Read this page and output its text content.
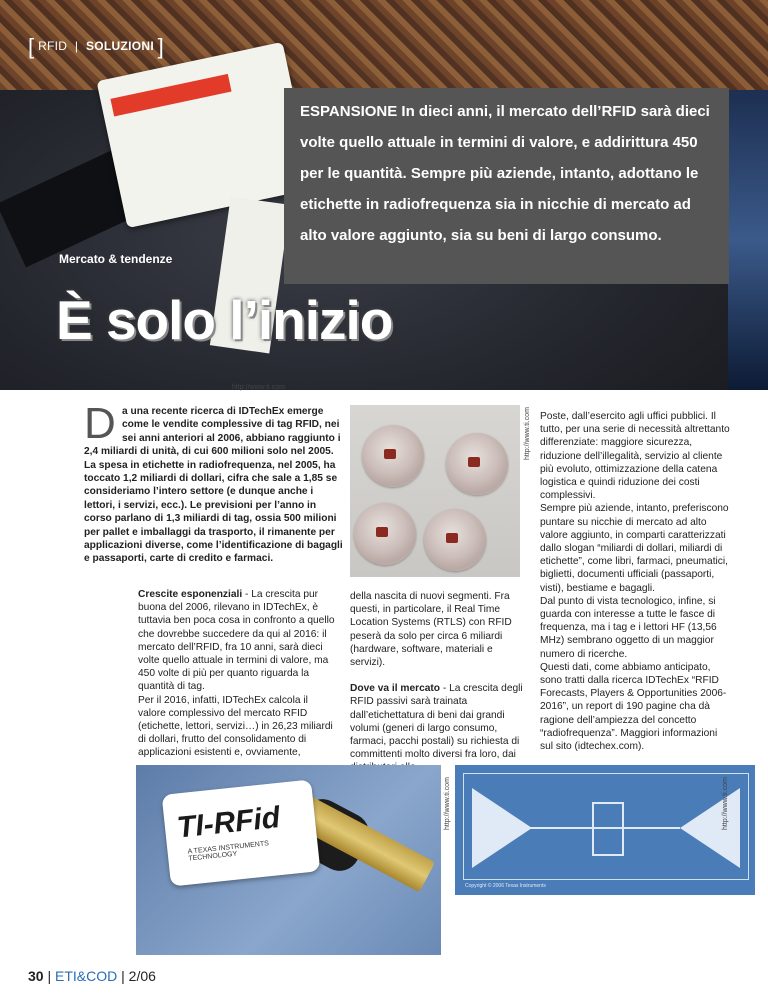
[ RFID | SOLUZIONI ]
ESPANSIONE In dieci anni, il mercato dell’RFID sarà dieci volte quello attuale in termini di valore, e addirittura 450 per le quantità. Sempre più aziende, intanto, adottano le etichette in radiofrequenza sia in nicchie di mercato ad alto valore aggiunto, sia su beni di largo consumo.
Mercato & tendenze
È solo l’inizio
http://www.ti.com
D a una recente ricerca di IDTechEx emerge come le vendite complessive di tag RFID, nei sei anni anteriori al 2006, abbiano raggiunto i
2,4 miliardi di unità, di cui 600 milioni solo nel 2005. La spesa in etichette in radiofrequenza, nel 2005, ha toccato 1,2 miliardi di dollari, cifra che sale a 1,85 se consideriamo l’intero settore (e dunque anche i lettori, i servizi, ecc.). Le previsioni per l’anno in corso parlano di 1,3 miliardi di tag, ossia 500 milioni per pallet e imballaggi da trasporto, il rimanente per applicazioni diverse, come l’identificazione di bagagli e passaporti, carte di credito e farmaci.
http://www.ti.com

Crescite esponenziali - La crescita pur buona del 2006, rilevano in IDTechEx, è tuttavia ben poca cosa in confronto a quello che dovrebbe succedere da qui al 2016: il mercato dell’RFID, fra 10 anni, sarà dieci volte quello attuale in termini di valore, ma 450 volte di più per quanto riguarda la quantità di tag.

Per il 2016, infatti, IDTechEx calcola il valore complessivo del mercato RFID (etichette, lettori, servizi…) in 26,23 miliardi di dollari, frutto del consolidamento di applicazioni esistenti e, ovviamente,

della nascita di nuovi segmenti. Fra questi, in particolare, il Real Time Location Systems (RTLS) con RFID peserà da solo per circa 6 miliardi (hardware, software, materiali e servizi).

Dove va il mercato - La crescita degli RFID passivi sarà trainata dall’etichettatura di beni dai grandi volumi (generi di largo consumo, farmaci, pacchi postali) su richiesta di committenti molto diversi fra loro, dai

Poste, dall’esercito agli uffici pubblici. Il tutto, per una serie di necessità altrettanto differenziate: maggiore sicurezza, riduzione dell’illegalità, servizio al cliente più evoluto, ottimizzazione della catena logistica e quindi riduzione dei costi complessivi.

Sempre più aziende, intanto, preferiscono puntare su nicchie di mercato ad alto valore aggiunto, in comparti caratterizzati dallo slogan “miliardi di dollari, miliardi di etichette”, come libri, farmaci, pneumatici, biglietti, documenti ufficiali (passaporti, visti), bestiame e bagagli.

Dal punto di vista tecnologico, infine, si guarda con interesse a tutte le fasce di frequenza, ma i tag e i lettori HF (13,56 MHz) sembrano oggetto di un maggior numero di ricerche.

Questi dati, come abbiamo anticipato, sono tratti dalla ricerca IDTechEx “RFID Forecasts, Players & Opportunities 2006-2016”, un report di 190 pagine cha dà ragione dell’ampiezza del concetto “radiofrequenza”. Maggiori informazioni sul sito (idtechex.com).

TI-RFid
A TEXAS INSTRUMENTS TECHNOLOGY
http://www.ti.com
Copyright © 2006 Texas Instruments
http://www.ti.com
30 | ETI&COD | 2/06
